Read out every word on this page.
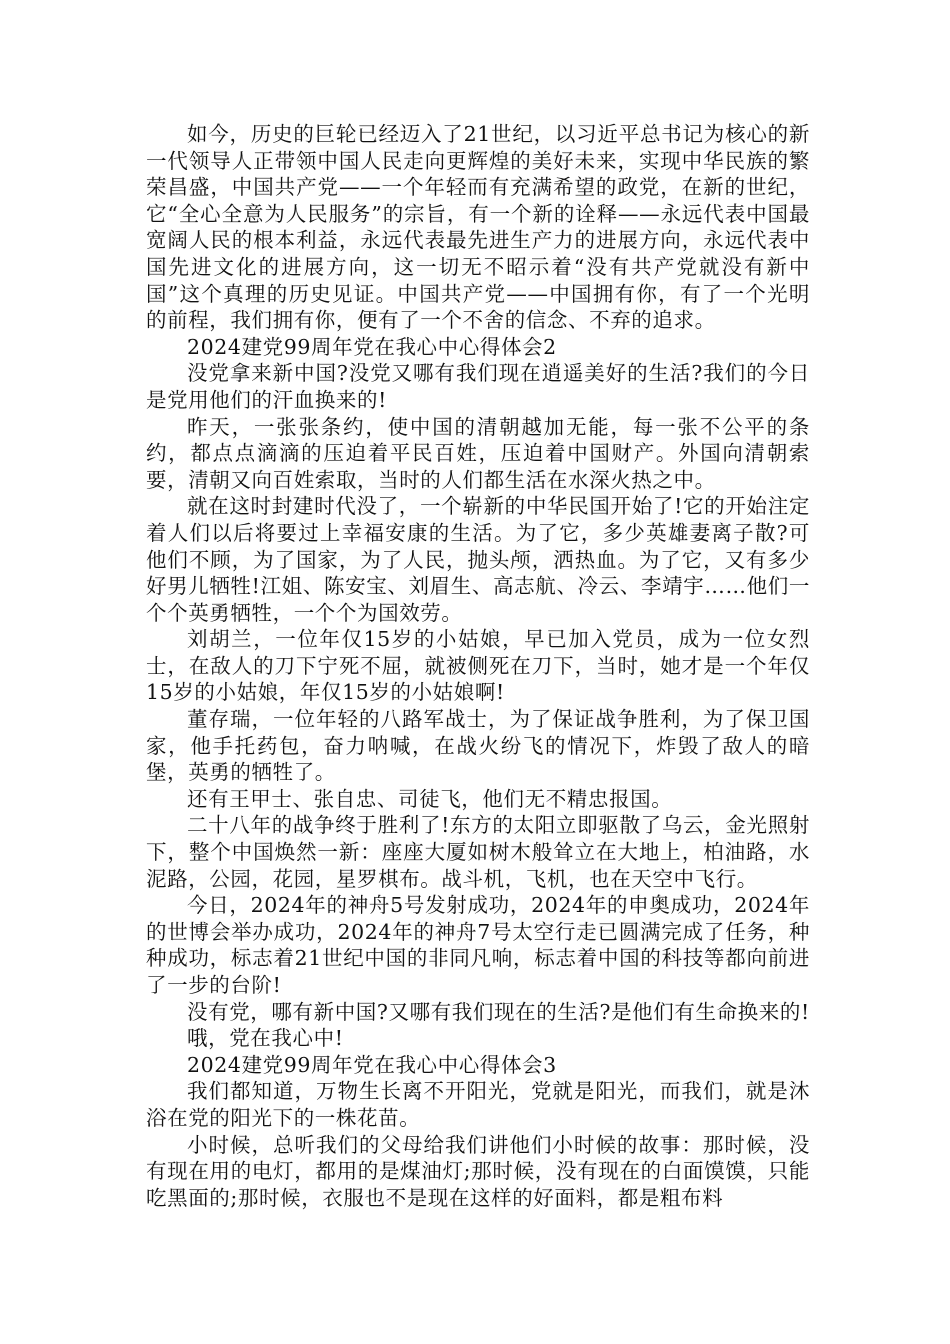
如今，历史的巨轮已经迈入了21世纪，以习近平总书记为核心的新一代领导人正带领中国人民走向更辉煌的美好未来，实现中华民族的繁荣昌盛，中国共产党——一个年轻而有充满希望的政党，在新的世纪，它“全心全意为人民服务”的宗旨，有一个新的诠释——永远代表中国最宽阔人民的根本利益，永远代表最先进生产力的进展方向，永远代表中国先进文化的进展方向，这一切无不昭示着“没有共产党就没有新中国”这个真理的历史见证。中国共产党——中国拥有你，有了一个光明的前程，我们拥有你，便有了一个不舍的信念、不弃的追求。

2024建党99周年党在我心中心得体会2

没党拿来新中国?没党又哪有我们现在逍遥美好的生活?我们的今日是党用他们的汗血换来的!

昨天，一张张条约，使中国的清朝越加无能，每一张不公平的条约，都点点滴滴的压迫着平民百姓，压迫着中国财产。外国向清朝索要，清朝又向百姓索取，当时的人们都生活在水深火热之中。

就在这时封建时代没了，一个崭新的中华民国开始了!它的开始注定着人们以后将要过上幸福安康的生活。为了它，多少英雄妻离子散?可他们不顾，为了国家，为了人民，抛头颅，洒热血。为了它，又有多少好男儿牺牲!江姐、陈安宝、刘眉生、高志航、冷云、李靖宇……他们一个个英勇牺牲，一个个为国效劳。

刘胡兰，一位年仅15岁的小姑娘，早已加入党员，成为一位女烈士，在敌人的刀下宁死不屈，就被侧死在刀下，当时，她才是一个年仅15岁的小姑娘，年仅15岁的小姑娘啊!

董存瑞，一位年轻的八路军战士，为了保证战争胜利，为了保卫国家，他手托药包，奋力呐喊，在战火纷飞的情况下，炸毁了敌人的暗堡，英勇的牺牲了。

还有王甲士、张自忠、司徒飞，他们无不精忠报国。

二十八年的战争终于胜利了!东方的太阳立即驱散了乌云，金光照射下，整个中国焕然一新：座座大厦如树木般耸立在大地上，柏油路，水泥路，公园，花园，星罗棋布。战斗机，飞机，也在天空中飞行。

今日，2024年的神舟5号发射成功，2024年的申奥成功，2024年的世博会举办成功，2024年的神舟7号太空行走已圆满完成了任务，种种成功，标志着21世纪中国的非同凡响，标志着中国的科技等都向前进了一步的台阶!

没有党，哪有新中国?又哪有我们现在的生活?是他们有生命换来的!

哦，党在我心中!

2024建党99周年党在我心中心得体会3

我们都知道，万物生长离不开阳光，党就是阳光，而我们，就是沐浴在党的阳光下的一株花苗。

小时候，总听我们的父母给我们讲他们小时候的故事：那时候，没有现在用的电灯，都用的是煤油灯;那时候，没有现在的白面馍馍，只能吃黑面的;那时候，衣服也不是现在这样的好面料，都是粗布料
